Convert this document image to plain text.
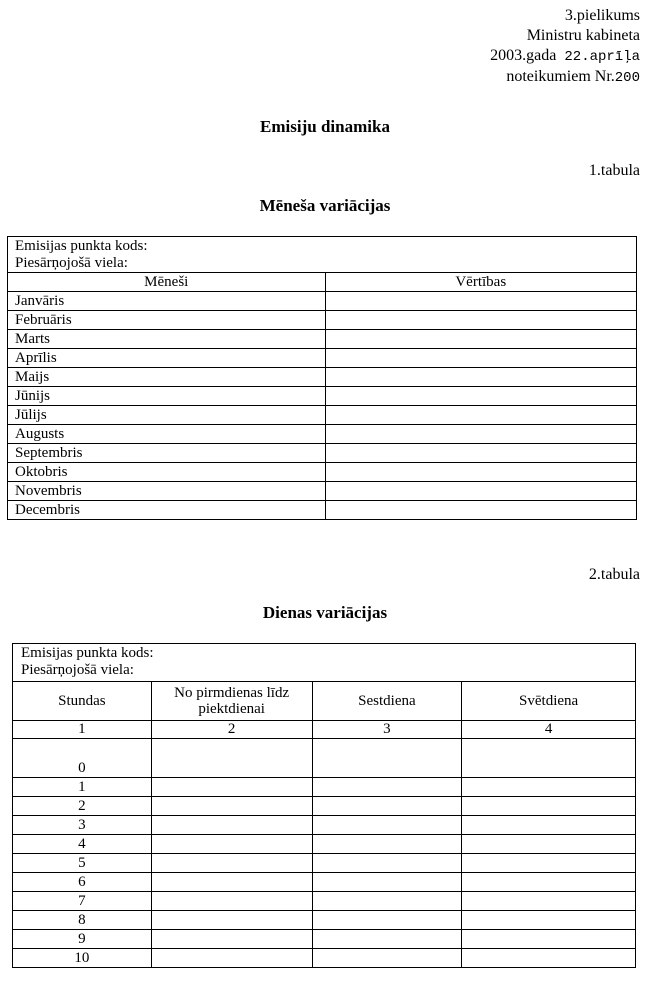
3.pielikums
Ministru kabineta
2003.gada 22.aprīļa
noteikumiem Nr.200
Emisiju dinamika
1.tabula
Mēneša variācijas
Emisijas punkta kods:
Piesārņojošā viela:	

Mēneši	Vērtības
Janvāris	
Februāris	
Marts	
Aprīlis	
Maijs	
Jūnijs	
Jūlijs	
Augusts	
Septembris	
Oktobris	
Novembris	
Decembris	
2.tabula
Dienas variācijas
Emisijas punkta kods:
Piesārņojošā viela:			

Stundas	No pirmdienas līdz piektdienai	Sestdiena	Svētdiena
1	2	3	4
0			
1			
2			
3			
4			
5			
6			
7			
8			
9			
10			
